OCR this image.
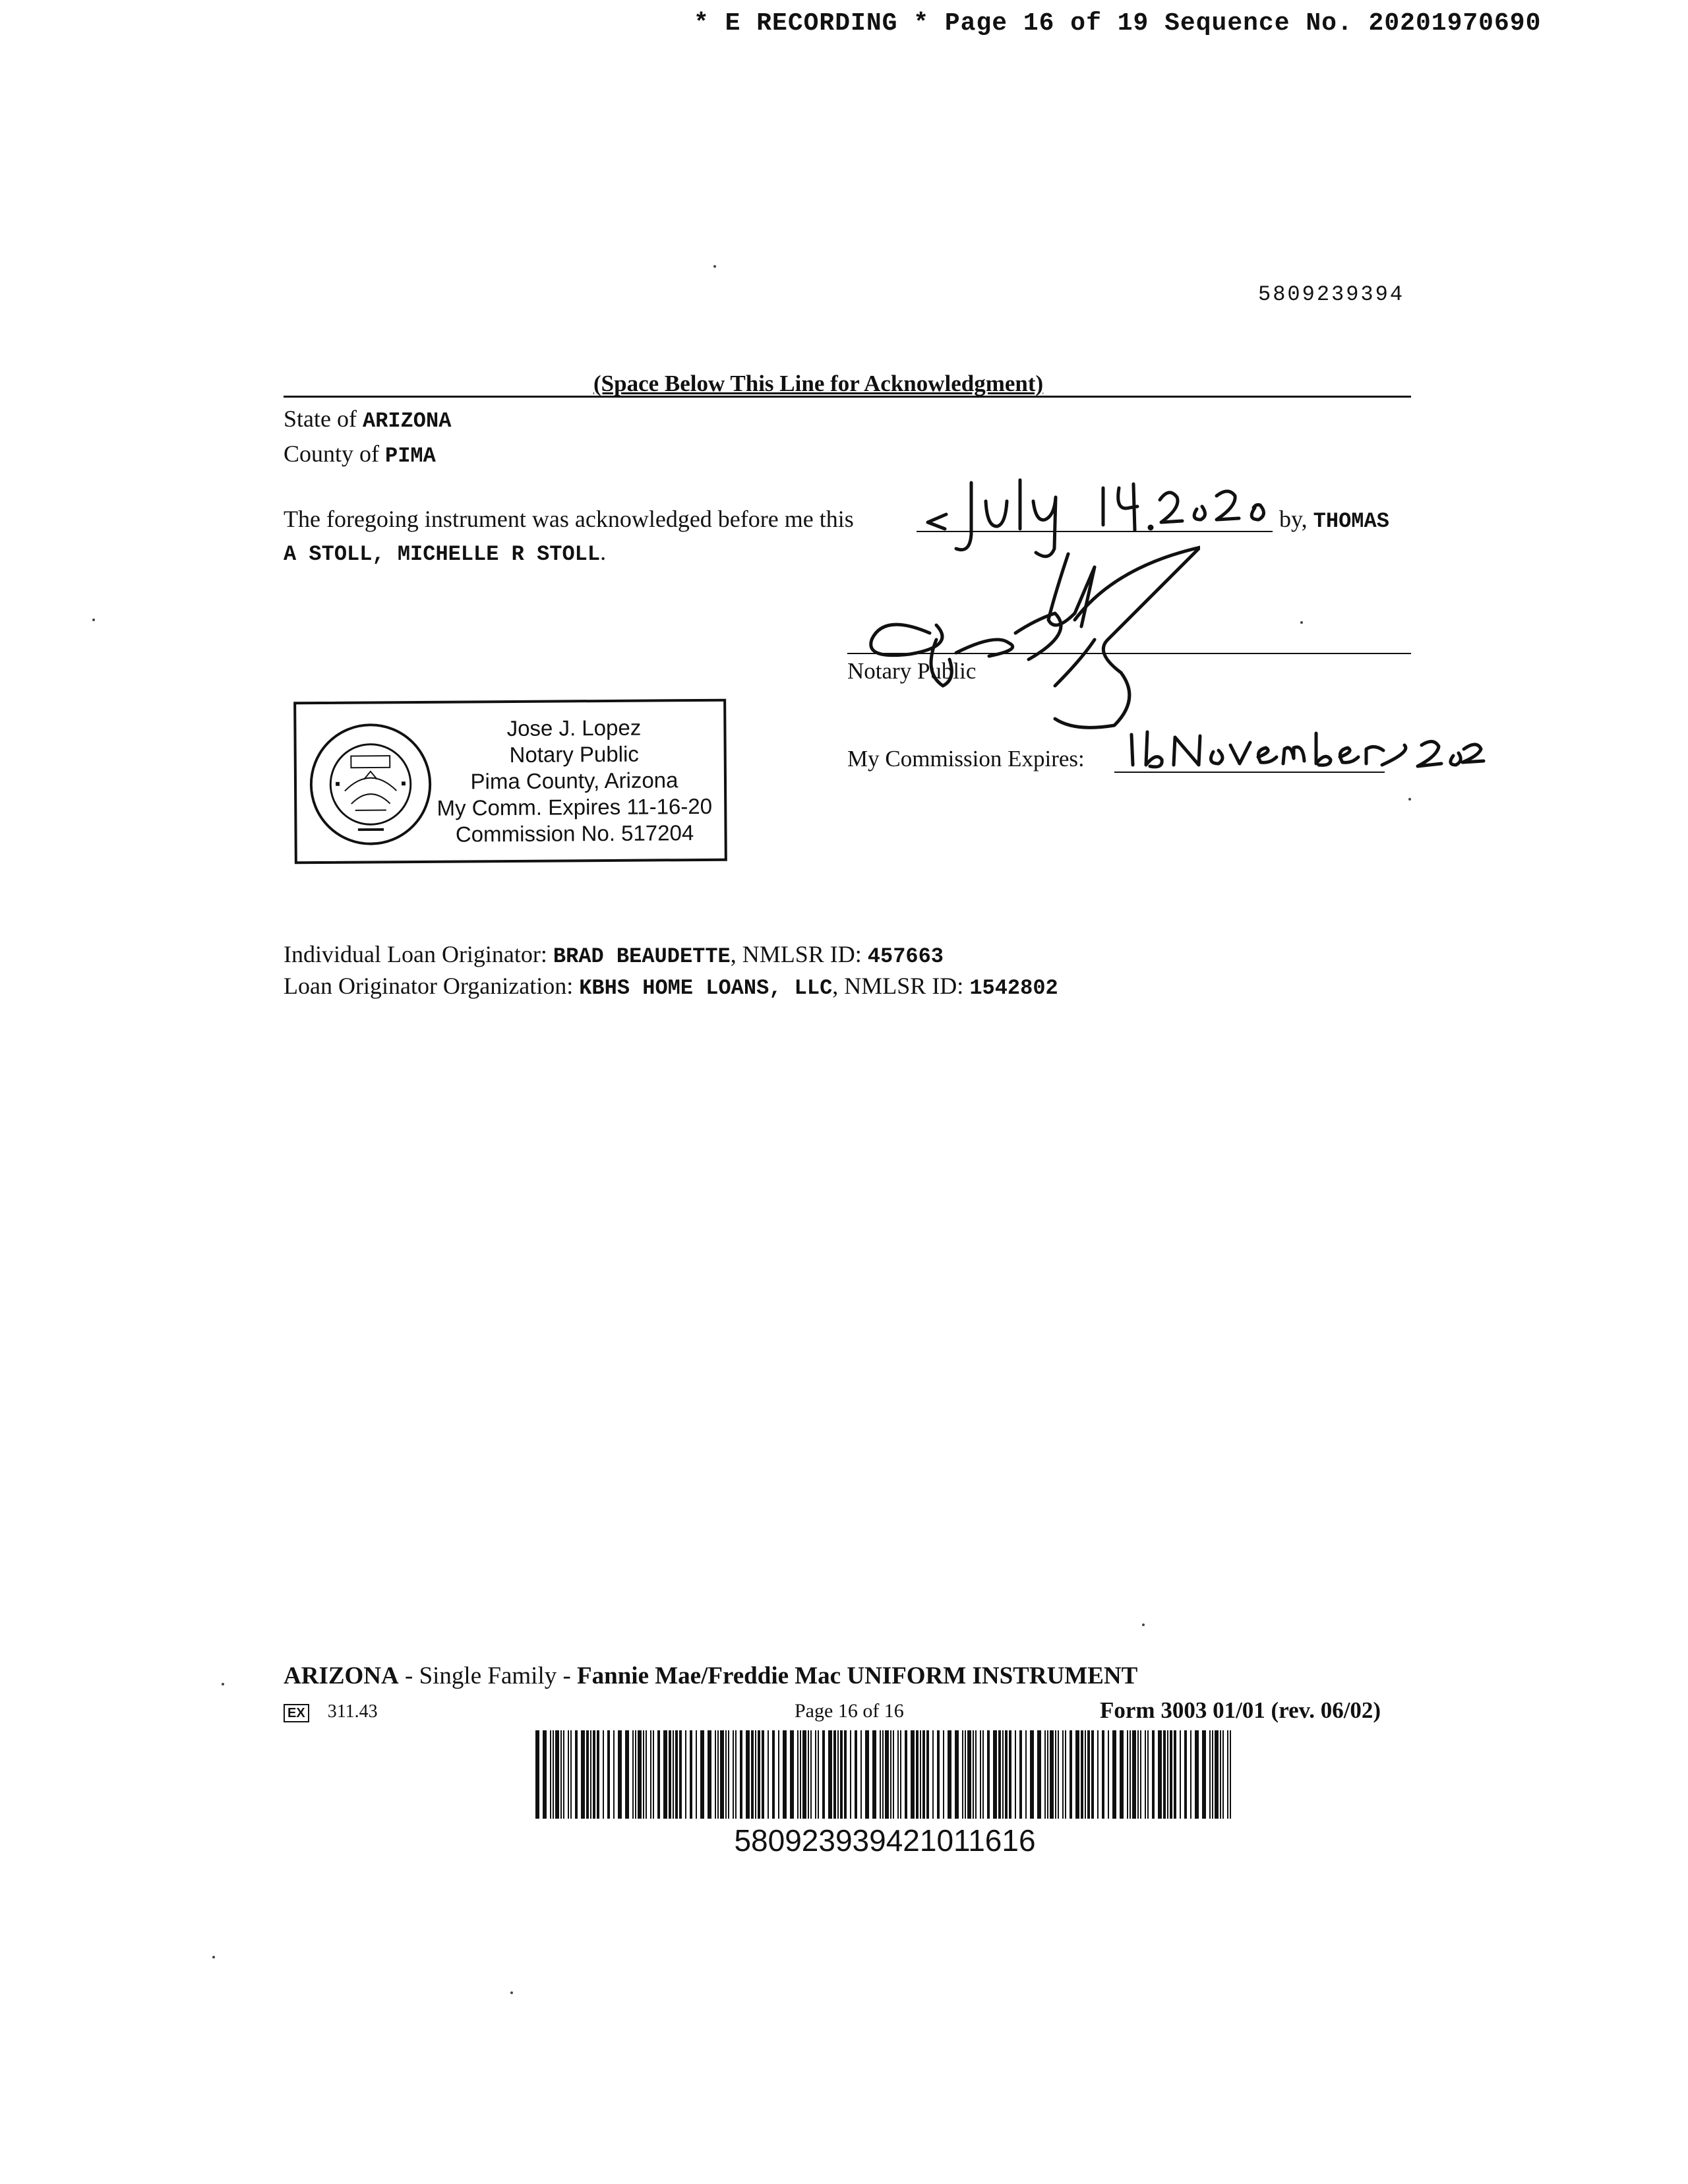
* E RECORDING * Page 16 of 19 Sequence No. 20201970690
5809239394
(Space Below This Line for Acknowledgment)
State of ARIZONA
County of PIMA
The foregoing instrument was acknowledged before me this	by, THOMAS
A STOLL, MICHELLE R STOLL.
Notary Public
My Commission Expires:
Jose J. Lopez
Notary Public
Pima County, Arizona
My Comm. Expires 11-16-20
Commission No. 517204
Individual Loan Originator: BRAD BEAUDETTE, NMLSR ID: 457663
Loan Originator Organization: KBHS HOME LOANS, LLC, NMLSR ID: 1542802
ARIZONA - Single Family - Fannie Mae/Freddie Mac UNIFORM INSTRUMENT
EX 311.43	Page 16 of 16	Form 3003 01/01 (rev. 06/02)
580923939421011616
